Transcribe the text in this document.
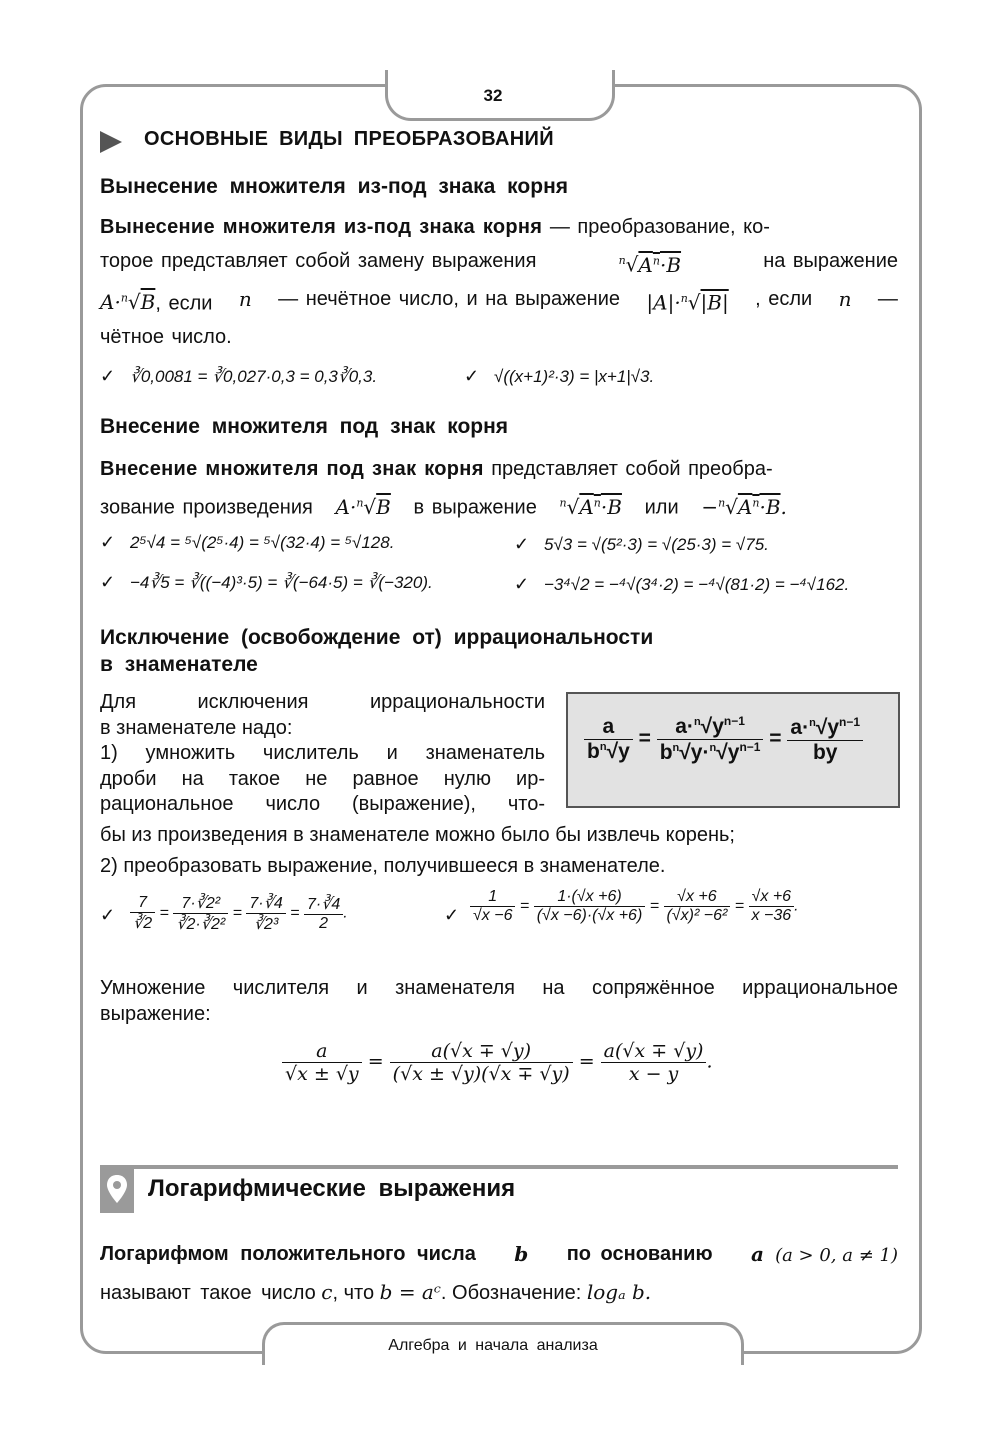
32
ОСНОВНЫЕ ВИДЫ ПРЕОБРАЗОВАНИЙ
Вынесение множителя из-под знака корня
Вынесение множителя из-под знака корня — преобразование, ко-
торое представляет собой замену выражения	$^n√A^n\cdot B$	на выражение
A·$^n$√B, если n — нечётное число, и на выражение |A|·$^n$√|B| , если n —
чётное число.
✓ ∛0,0081 = ∛0,027·0,3 = 0,3∛0,3.	✓ √((x+1)²·3) = |x+1|√3.
Внесение множителя под знак корня
Внесение множителя под знак корня представляет собой преобра-
зование произведения A·$^n$√B в выражение $^n√A^n\cdot B$ или $-^n√A^n\cdot B$.
✓ 2⁵√4 = ⁵√(2⁵·4) = ⁵√(32·4) = ⁵√128.	✓ 5√3 = √(5²·3) = √(25·3) = √75.
✓ −4∛5 = ∛((−4)³·5) = ∛(−64·5) = ∛(−320).	✓ −3⁴√2 = −⁴√(3⁴·2) = −⁴√(81·2) = −⁴√162.
Исключение (освобождение от) иррациональности
в знаменателе
Для исключения иррациональности
в знаменателе надо:
1) умножить числитель и знаменатель
дроби на такое не равное нулю ир-
рациональное число (выражение), что-
бы из произведения в знаменателе можно было бы извлечь корень;
2) преобразовать выражение, получившееся в знаменателе.
$\frac{a}{b^n√y} = \frac{a\cdot^n√y^{n-1}}{b^n√y\cdot^n√y^{n-1}} = \frac{a\cdot^n√y^{n-1}}{by}$
✓ $\frac{7}{∛2} = \frac{\text{7·∛2²}}{\text{∛2·∛2²}} = \frac{7\cdot∛4}{\text{∛2³}} = \frac{7\cdot∛4}{2}$ .	✓ $\frac{1}{√x -6} = \frac{1\cdot(√x +6)}{(√x -6)\cdot(√x +6)} = \frac{√x +6}{\text{(√x)² −6²}} = \frac{√x +6}{x -36}$ .
Умножение числителя и знаменателя на сопряжённое иррациональное
выражение:
$\frac{a}{√x \pm √y} = \frac{a(√x \mp √y)}{(√x \pm √y)(√x \mp √y)} = \frac{a(√x \mp √y)}{x - y}$ .
Логарифмические выражения
Логарифмом положительного числа b по основанию a (a > 0, a ≠ 1)
называют такое число c, что b = aᶜ. Обозначение: logₐ b.
Алгебра и начала анализа
